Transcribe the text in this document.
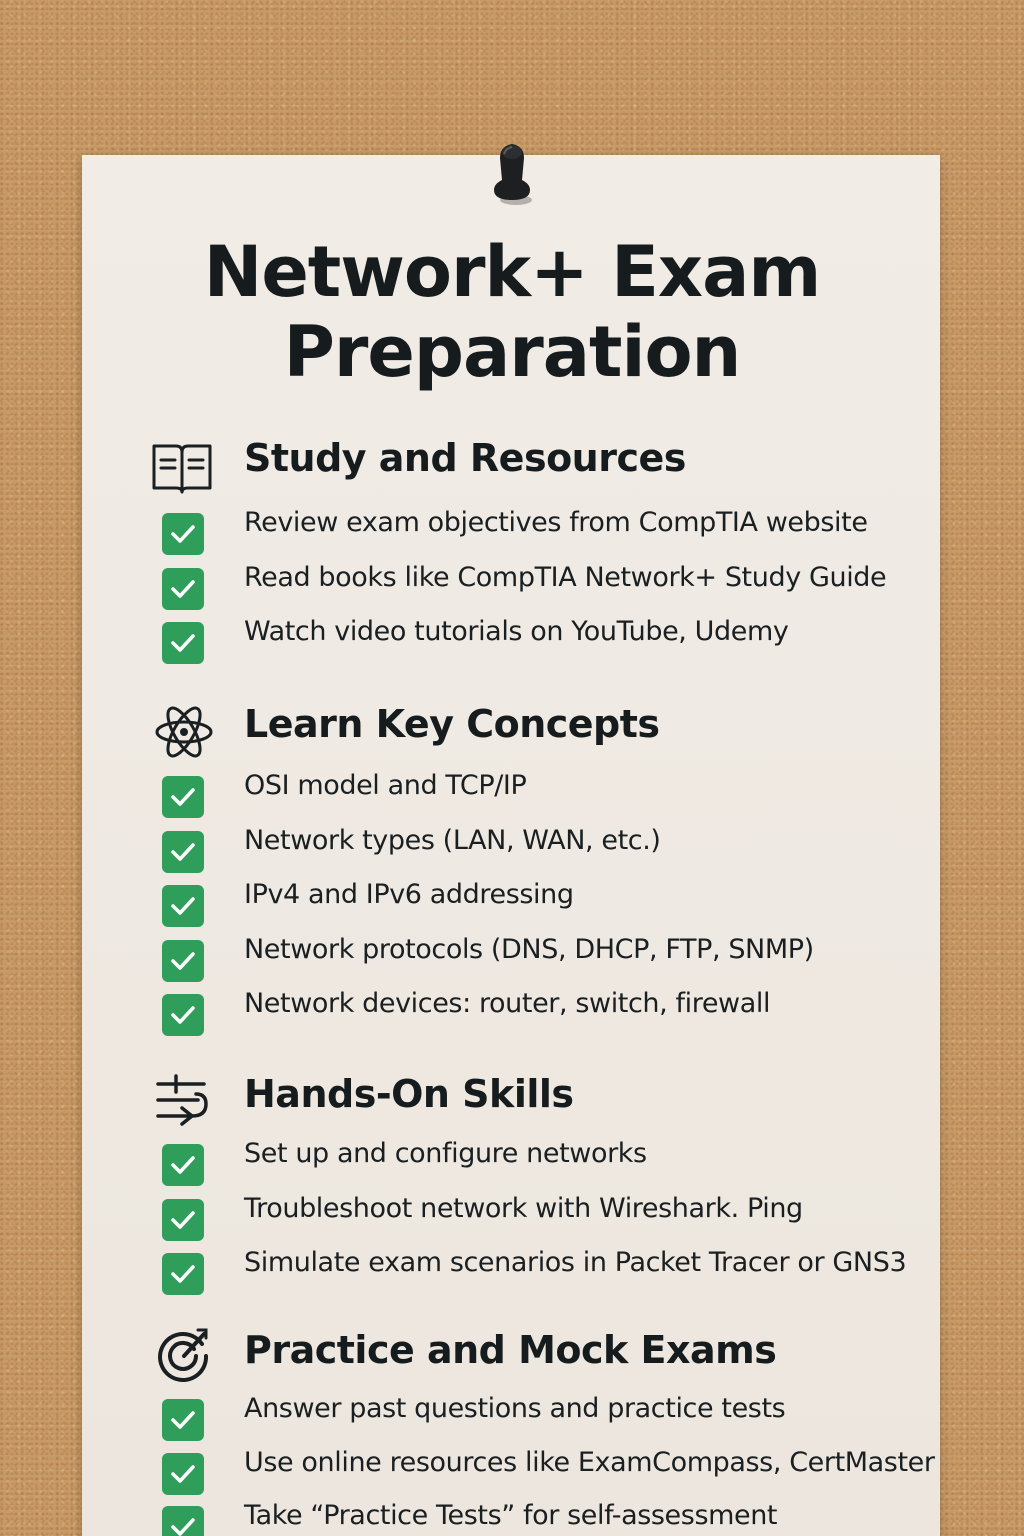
Network+ Exam
Preparation
Study and Resources
Review exam objectives from CompTIA website
Read books like CompTIA Network+ Study Guide
Watch video tutorials on YouTube, Udemy
Learn Key Concepts
OSI model and TCP/IP
Network types (LAN, WAN, etc.)
IPv4 and IPv6 addressing
Network protocols (DNS, DHCP, FTP, SNMP)
Network devices: router, switch, firewall
Hands-On Skills
Set up and configure networks
Troubleshoot network with Wireshark. Ping
Simulate exam scenarios in Packet Tracer or GNS3
Practice and Mock Exams
Answer past questions and practice tests
Use online resources like ExamCompass, CertMaster
Take “Practice Tests” for self-assessment
